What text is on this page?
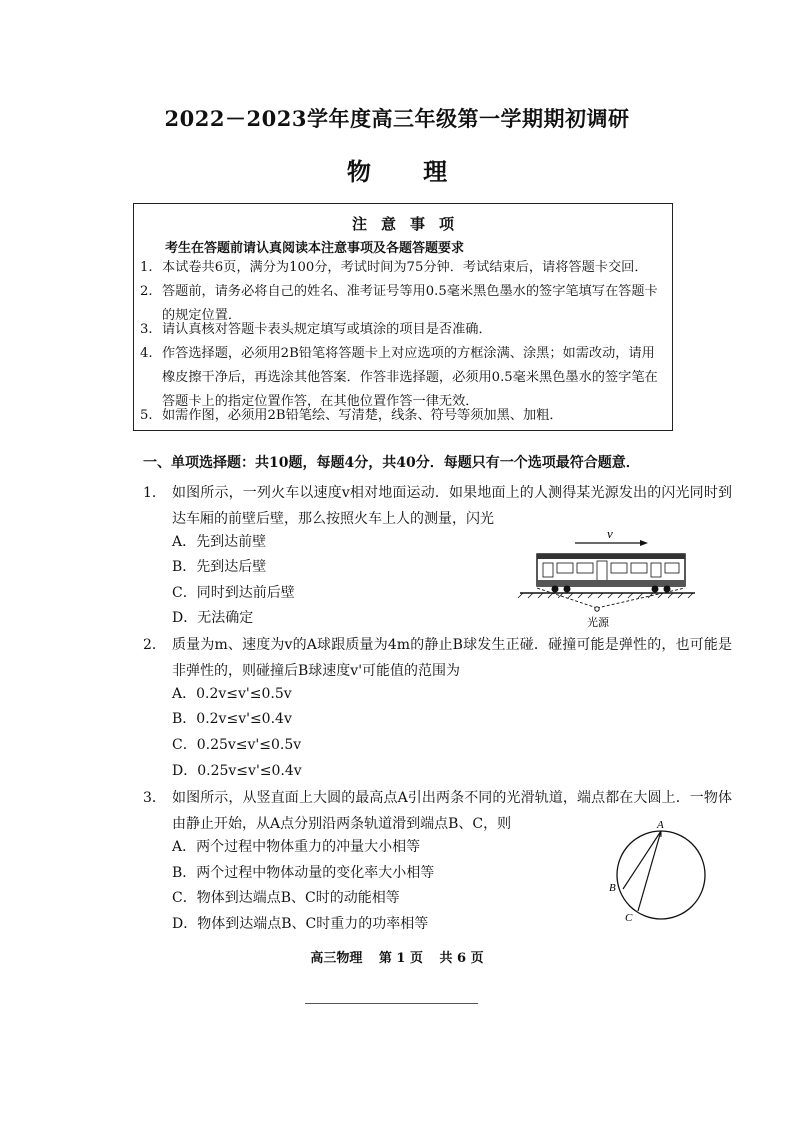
2022－2023学年度高三年级第一学期期初调研
物 理
注意事项
考生在答题前请认真阅读本注意事项及各题答题要求
1. 本试卷共6页，满分为100分，考试时间为75分钟．考试结束后，请将答题卡交回．
2. 答题前，请务必将自己的姓名、准考证号等用0.5毫米黑色墨水的签字笔填写在答题卡的规定位置．
3. 请认真核对答题卡表头规定填写或填涂的项目是否准确．
4. 作答选择题，必须用2B铅笔将答题卡上对应选项的方框涂满、涂黑；如需改动，请用橡皮擦干净后，再选涂其他答案．作答非选择题，必须用0.5毫米黑色墨水的签字笔在答题卡上的指定位置作答，在其他位置作答一律无效．
5. 如需作图，必须用2B铅笔绘、写清楚，线条、符号等须加黑、加粗．
一、单项选择题：共10题，每题4分，共40分．每题只有一个选项最符合题意．
1． 如图所示，一列火车以速度v相对地面运动．如果地面上的人测得某光源发出的闪光同时到达车厢的前壁后壁，那么按照火车上人的测量，闪光
A．先到达前壁
B．先到达后壁
C．同时到达前后壁
D．无法确定
v
光源
2． 质量为m、速度为v的A球跟质量为4m的静止B球发生正碰．碰撞可能是弹性的，也可能是非弹性的，则碰撞后B球速度v'可能值的范围为
A．0.2v≤v'≤0.5v
B．0.2v≤v'≤0.4v
C．0.25v≤v'≤0.5v
D．0.25v≤v'≤0.4v
3． 如图所示，从竖直面上大圆的最高点A引出两条不同的光滑轨道，端点都在大圆上．一物体由静止开始，从A点分别沿两条轨道滑到端点B、C，则
A．两个过程中物体重力的冲量大小相等
B．两个过程中物体动量的变化率大小相等
C．物体到达端点B、C时的动能相等
D．物体到达端点B、C时重力的功率相等
A
B
C
高三物理 第 1 页 共 6 页
